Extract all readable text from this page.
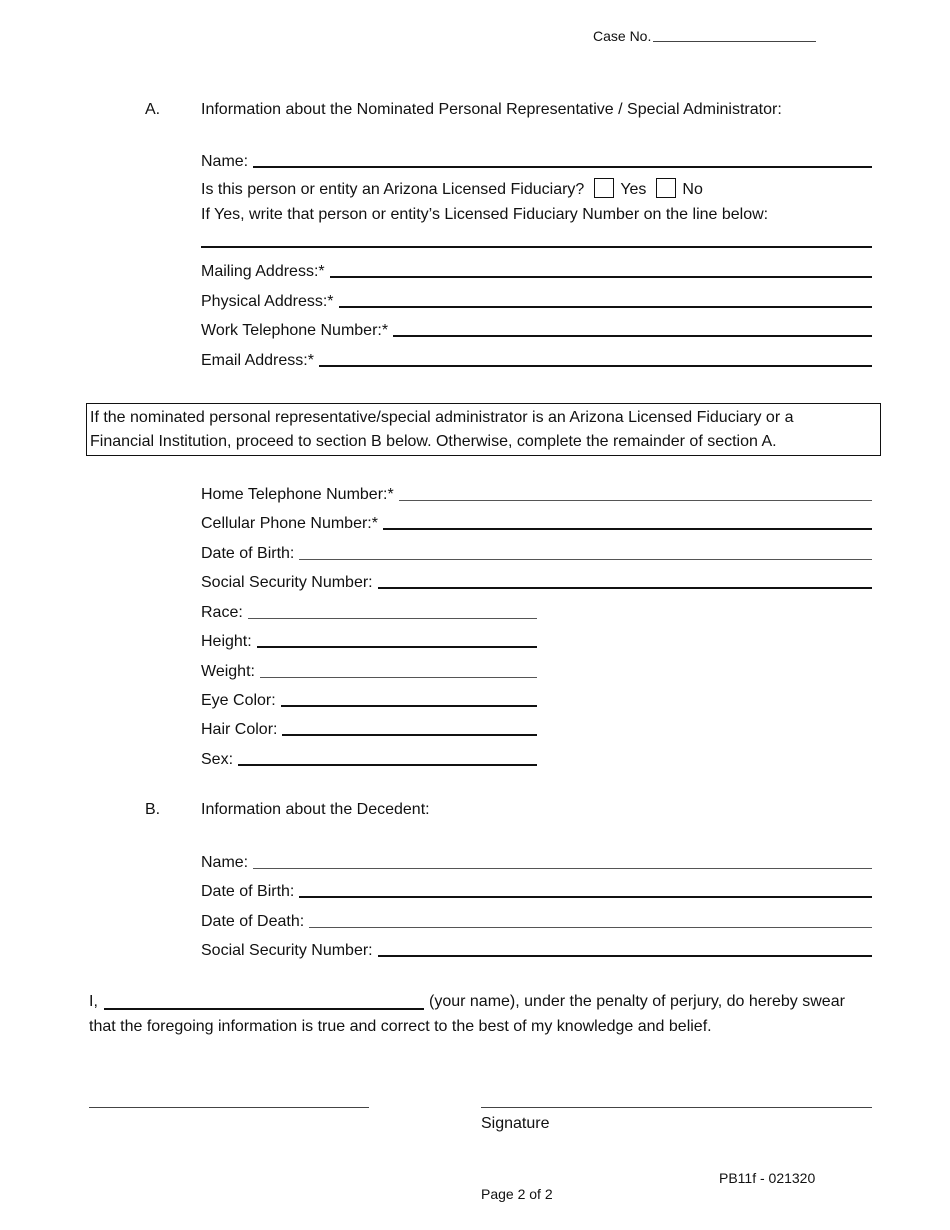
Case No.
A.	Information about the Nominated Personal Representative / Special Administrator:
Name:
Is this person or entity an Arizona Licensed Fiduciary? Yes No
If Yes, write that person or entity’s Licensed Fiduciary Number on the line below:
Mailing Address:*
Physical Address:*
Work Telephone Number:*
Email Address:*

If the nominated personal representative/special administrator is an Arizona Licensed Fiduciary or a

Financial Institution, proceed to section B below. Otherwise, complete the remainder of section A.

Home Telephone Number:*
Cellular Phone Number:*
Date of Birth:
Social Security Number:
Race:
Height:
Weight:
Eye Color:
Hair Color:
Sex:
B.	Information about the Decedent:
Name:
Date of Birth:
Date of Death:
Social Security Number:
I,	(your name), under the penalty of perjury, do hereby swear
that the foregoing information is true and correct to the best of my knowledge and belief.
Signature
PB11f - 021320
Page 2 of 2
